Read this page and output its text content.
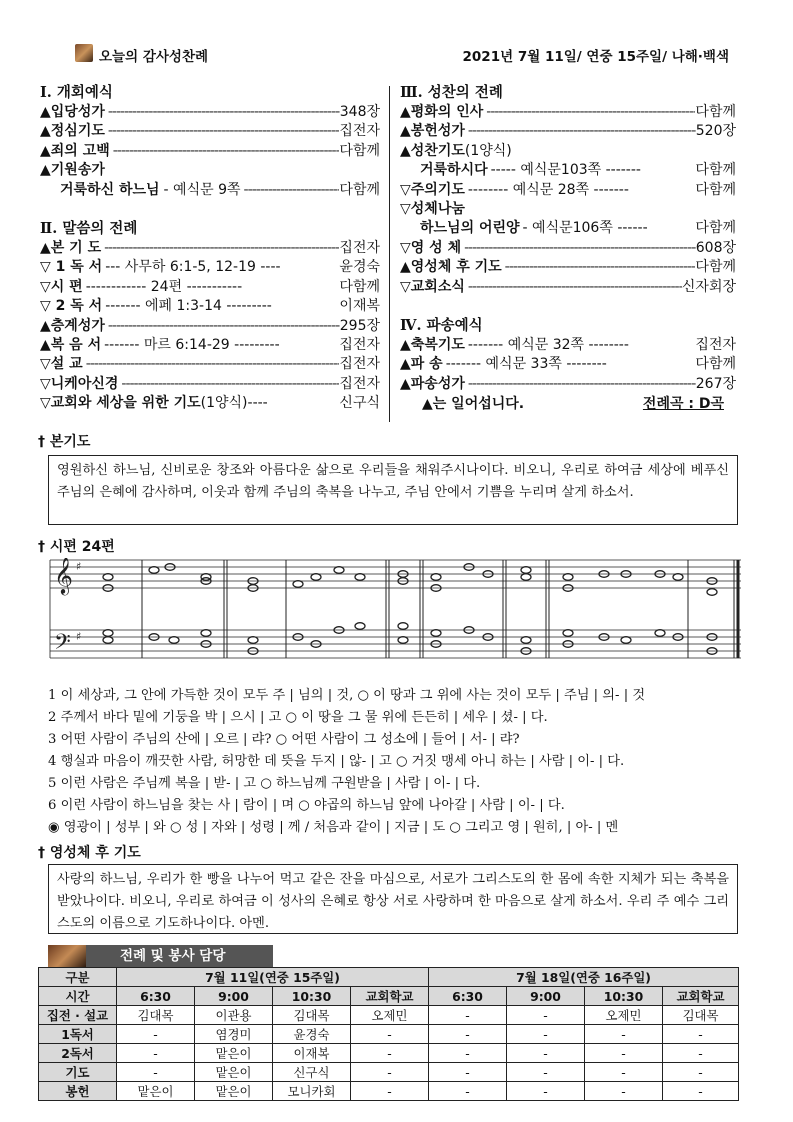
오늘의 감사성찬례	2021년 7월 11일/ 연중 15주일/ 나해·백색
Ⅰ. 개회예식
▲입당성가 -----	348장
▲정심기도 -----	집전자
▲죄의 고백 -----	다함께
▲기원송가
거룩하신 하느님 - 예식문 9쪽 -----	다함께
Ⅱ. 말씀의 전례
▲본 기 도 -----	집전자
▽ 1 독 서 --- 사무하 6:1-5, 12-19 ----	윤경숙
▽시 편 ------------ 24편 -----------	다함께
▽ 2 독 서 ------- 에페 1:3-14 ---------	이재복
▲층계성가 -----	295장
▲복 음 서 ------- 마르 6:14-29 ---------	집전자
▽설 교 -----	집전자
▽니케아신경 -----	집전자
▽교회와 세상을 위한 기도 (1양식)----	신구식
Ⅲ. 성찬의 전례
▲평화의 인사 -----	다함께
▲봉헌성가 -----	520장
▲성찬기도 (1양식)
거룩하시다 ----- 예식문103쪽 -------	다함께
▽주의기도 -------- 예식문 28쪽 -------	다함께
▽성체나눔
하느님의 어린양 - 예식문106쪽 ------	다함께
▽영 성 체 -----	608장
▲영성체 후 기도 -----	다함께
▽교회소식 -----	신자회장
Ⅳ. 파송예식
▲축복기도 ------- 예식문 32쪽 --------	집전자
▲파 송 ------- 예식문 33쪽 --------	다함께
▲파송성가 -----	267장
▲는 일어섭니다.	전례곡 : D곡
† 본기도
영원하신 하느님, 신비로운 창조와 아름다운 삶으로 우리들을 채워주시나이다. 비오니, 우리로 하여금 세상에 베푸신 주님의 은혜에 감사하며, 이웃과 함께 주님의 축복을 나누고, 주님 안에서 기쁨을 누리며 살게 하소서.
† 시편 24편
𝄞
𝄢
♯
♯
1 이 세상과, 그 안에 가득한 것이 모두 주 | 님의 | 것, ○ 이 땅과 그 위에 사는 것이 모두 | 주님 | 의- | 것
2 주께서 바다 밑에 기둥을 박 | 으시 | 고 ○ 이 땅을 그 물 위에 든든히 | 세우 | 셨- | 다.
3 어떤 사람이 주님의 산에 | 오르 | 랴? ○ 어떤 사람이 그 성소에 | 들어 | 서- | 랴?
4 행실과 마음이 깨끗한 사람, 허망한 데 뜻을 두지 | 않- | 고 ○ 거짓 맹세 아니 하는 | 사람 | 이- | 다.
5 이런 사람은 주님께 복을 | 받- | 고 ○ 하느님께 구원받을 | 사람 | 이- | 다.
6 이런 사람이 하느님을 찾는 사 | 람이 | 며 ○ 야곱의 하느님 앞에 나아갈 | 사람 | 이- | 다.
◉ 영광이 | 성부 | 와 ○ 성 | 자와 | 성령 | 께 / 처음과 같이 | 지금 | 도 ○ 그리고 영 | 원히, | 아- | 멘
† 영성체 후 기도
사랑의 하느님, 우리가 한 빵을 나누어 먹고 같은 잔을 마심으로, 서로가 그리스도의 한 몸에 속한 지체가 되는 축복을 받았나이다. 비오니, 우리로 하여금 이 성사의 은혜로 항상 서로 사랑하며 한 마음으로 살게 하소서. 우리 주 예수 그리스도의 이름으로 기도하나이다. 아멘.
전례 및 봉사 담당
구분	7월 11일(연중 15주일)				7월 18일(연중 16주일)			
시간	6:30	9:00	10:30	교회학교	6:30	9:00	10:30	교회학교
집전 · 설교	김대목	이관용	김대목	오제민	-	-	오제민	김대목
1독서	-	염경미	윤경숙	-	-	-	-	-
2독서	-	맡은이	이재복	-	-	-	-	-
기도	-	맡은이	신구식	-	-	-	-	-
봉헌	맡은이	맡은이	모니카회	-	-	-	-	-
